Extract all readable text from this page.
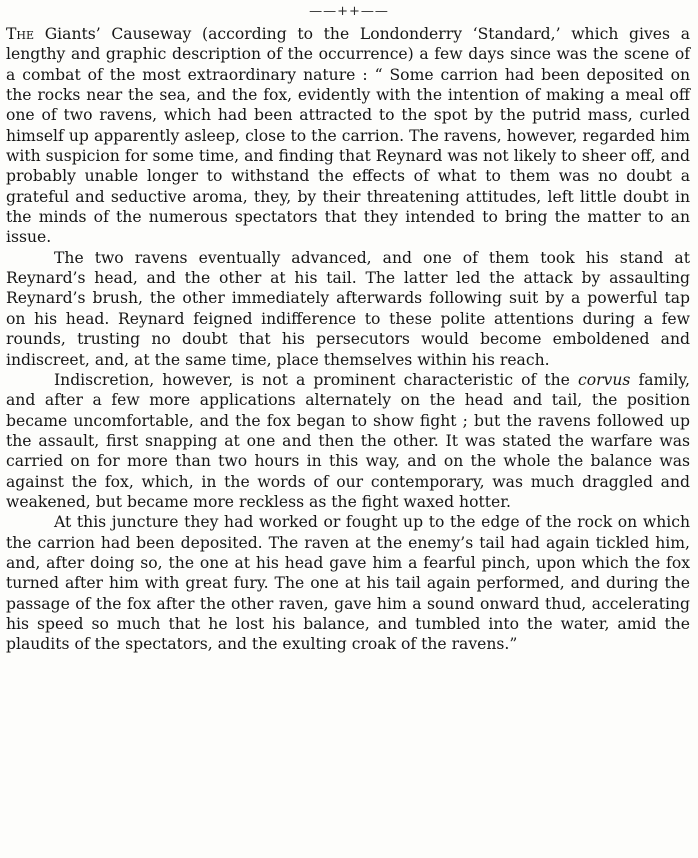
——++——

The Giants’ Causeway (according to the Londonderry ‘Standard,’ which gives a lengthy and graphic description of the occurrence) a few days since was the scene of a combat of the most extraordinary nature : “ Some carrion had been deposited on the rocks near the sea, and the fox, evidently with the intention of making a meal off one of two ravens, which had been attracted to the spot by the putrid mass, curled himself up apparently asleep, close to the carrion. The ravens, however, regarded him with suspicion for some time, and finding that Reynard was not likely to sheer off, and probably unable longer to withstand the effects of what to them was no doubt a grateful and seductive aroma, they, by their threatening attitudes, left little doubt in the minds of the numerous spectators that they intended to bring the matter to an issue.

The two ravens eventually advanced, and one of them took his stand at Reynard’s head, and the other at his tail. The latter led the attack by assaulting Reynard’s brush, the other immediately afterwards following suit by a powerful tap on his head. Reynard feigned indifference to these polite attentions during a few rounds, trusting no doubt that his persecutors would become emboldened and indiscreet, and, at the same time, place themselves within his reach.

Indiscretion, however, is not a prominent characteristic of the corvus family, and after a few more applications alternately on the head and tail, the position became uncomfortable, and the fox began to show fight ; but the ravens followed up the assault, first snapping at one and then the other. It was stated the warfare was carried on for more than two hours in this way, and on the whole the balance was against the fox, which, in the words of our contemporary, was much draggled and weakened, but became more reckless as the fight waxed hotter.

At this juncture they had worked or fought up to the edge of the rock on which the carrion had been deposited. The raven at the enemy’s tail had again tickled him, and, after doing so, the one at his head gave him a fearful pinch, upon which the fox turned after him with great fury. The one at his tail again performed, and during the passage of the fox after the other raven, gave him a sound onward thud, accelerating his speed so much that he lost his balance, and tumbled into the water, amid the plaudits of the spectators, and the exulting croak of the ravens.”
